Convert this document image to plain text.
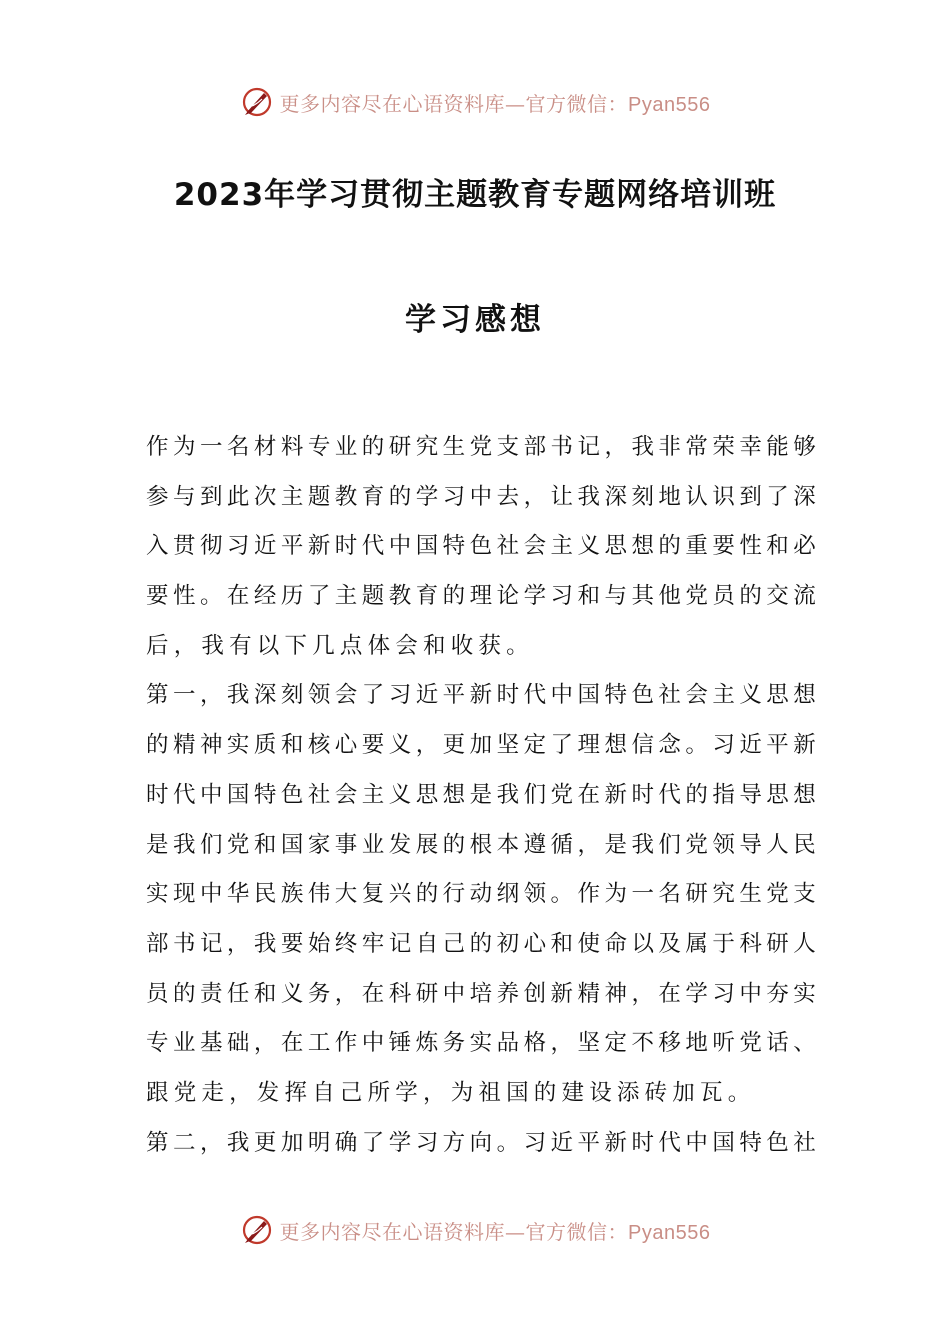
更多内容尽在心语资料库—官方微信：Pyan556
2023年学习贯彻主题教育专题网络培训班
学习感想
作 为 一 名 材 料 专 业 的 研 究 生 党 支 部 书 记 ， 我 非 常 荣 幸 能 够
参 与 到 此 次 主 题 教 育 的 学 习 中 去 ， 让 我 深 刻 地 认 识 到 了 深
入 贯 彻 习 近 平 新 时 代 中 国 特 色 社 会 主 义 思 想 的 重 要 性 和 必
要 性 。 在 经 历 了 主 题 教 育 的 理 论 学 习 和 与 其 他 党 员 的 交 流
后，我有以下几点体会和收获。
第 一 ， 我 深 刻 领 会 了 习 近 平 新 时 代 中 国 特 色 社 会 主 义 思 想
的 精 神 实 质 和 核 心 要 义 ， 更 加 坚 定 了 理 想 信 念 。 习 近 平 新
时 代 中 国 特 色 社 会 主 义 思 想 是 我 们 党 在 新 时 代 的 指 导 思 想
是 我 们 党 和 国 家 事 业 发 展 的 根 本 遵 循 ， 是 我 们 党 领 导 人 民
实 现 中 华 民 族 伟 大 复 兴 的 行 动 纲 领 。 作 为 一 名 研 究 生 党 支
部 书 记 ， 我 要 始 终 牢 记 自 己 的 初 心 和 使 命 以 及 属 于 科 研 人
员 的 责 任 和 义 务 ， 在 科 研 中 培 养 创 新 精 神 ， 在 学 习 中 夯 实
专 业 基 础 ， 在 工 作 中 锤 炼 务 实 品 格 ， 坚 定 不 移 地 听 党 话 、
跟党走，发挥自己所学，为祖国的建设添砖加瓦。
第 二 ， 我 更 加 明 确 了 学 习 方 向 。 习 近 平 新 时 代 中 国 特 色 社
更多内容尽在心语资料库—官方微信：Pyan556
